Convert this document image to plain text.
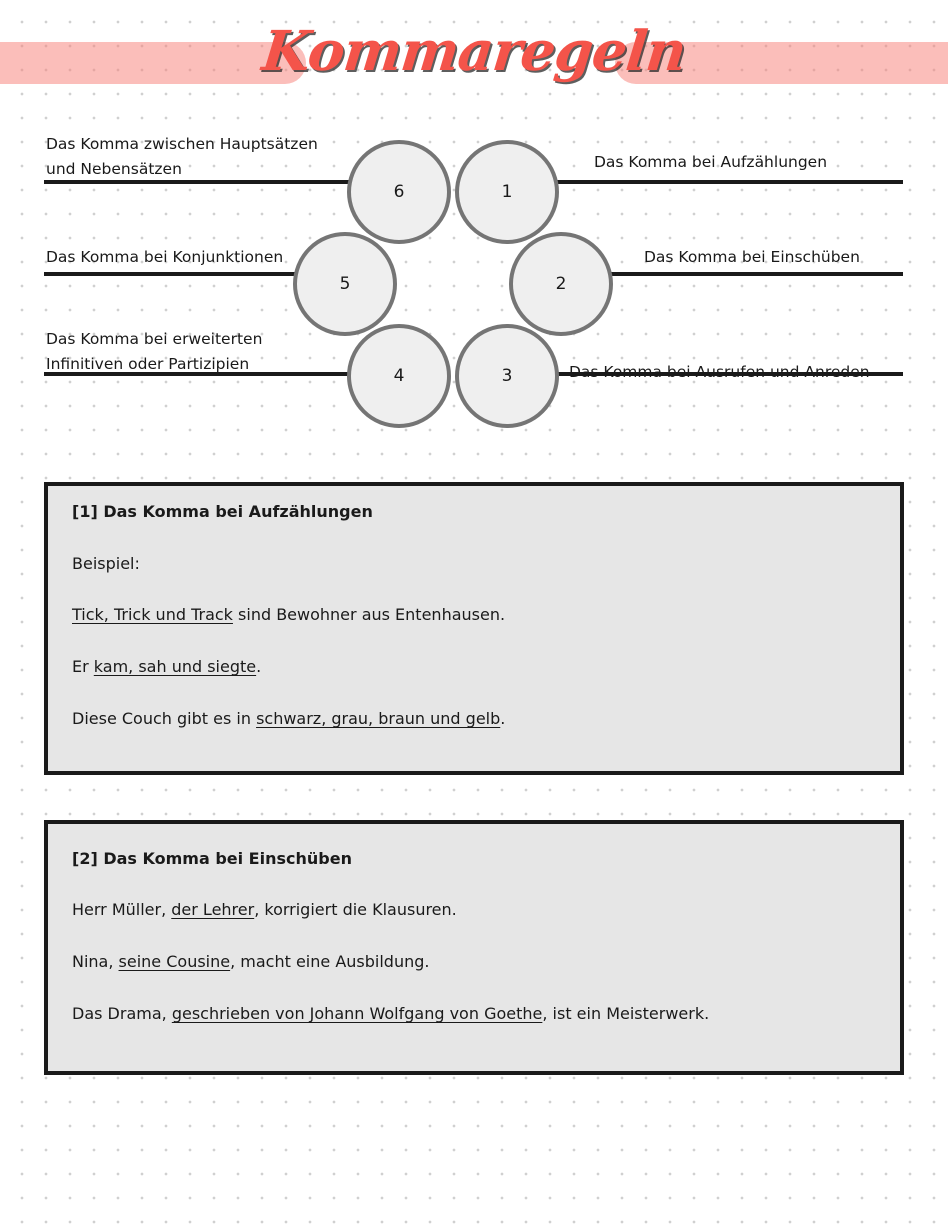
Kommaregeln
6	1
2
3
4
5
Das Komma zwischen Hauptsätzen
und Nebensätzen	Das Komma bei Aufzählungen
Das Komma bei Konjunktionen	Das Komma bei Einschüben
Das Komma bei erweiterten
Infinitiven oder Partizipien	Das Komma bei Ausrufen und Anreden
[1] Das Komma bei Aufzählungen
Beispiel:
Tick, Trick und Track sind Bewohner aus Entenhausen.
Er kam, sah und siegte.
Diese Couch gibt es in schwarz, grau, braun und gelb.
[2] Das Komma bei Einschüben
Herr Müller, der Lehrer, korrigiert die Klausuren.
Nina, seine Cousine, macht eine Ausbildung.
Das Drama, geschrieben von Johann Wolfgang von Goethe, ist ein Meisterwerk.
